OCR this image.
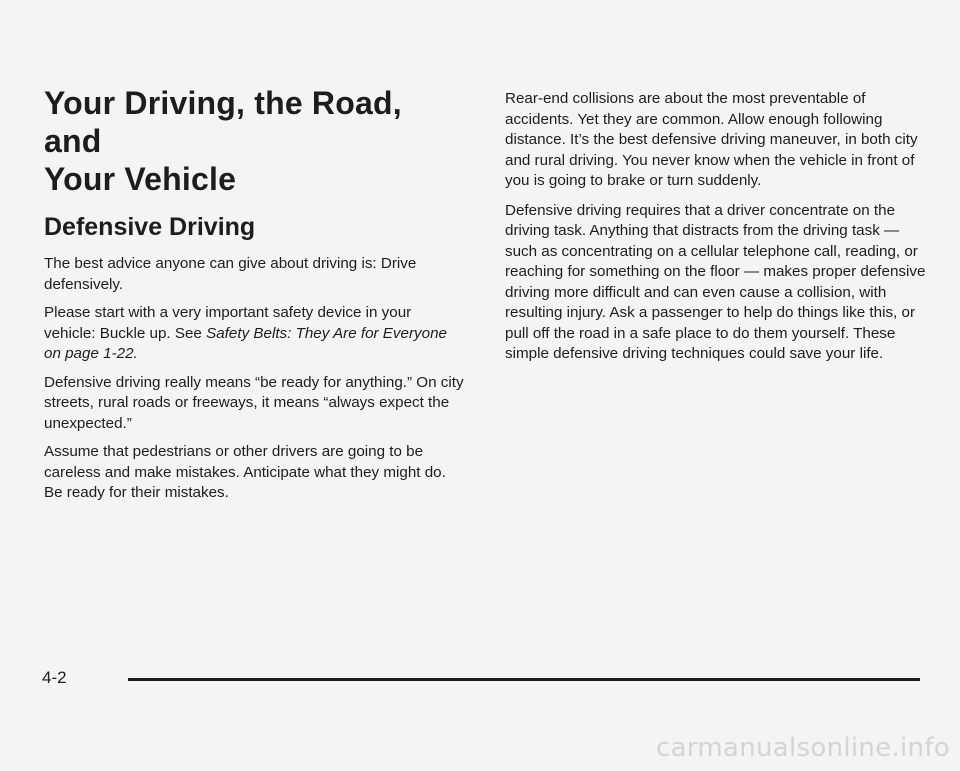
Your Driving, the Road, and
Your Vehicle
Defensive Driving

The best advice anyone can give about driving is: Drive defensively.

Please start with a very important safety device in your vehicle: Buckle up. See Safety Belts: They Are for Everyone on page 1-22.

Defensive driving really means “be ready for anything.” On city streets, rural roads or freeways, it means “always expect the unexpected.”

Assume that pedestrians or other drivers are going to be careless and make mistakes. Anticipate what they might do. Be ready for their mistakes.

Rear-end collisions are about the most preventable of accidents. Yet they are common. Allow enough following distance. It’s the best defensive driving maneuver, in both city and rural driving. You never know when the vehicle in front of you is going to brake or turn suddenly.

Defensive driving requires that a driver concentrate on the driving task. Anything that distracts from the driving task — such as concentrating on a cellular telephone call, reading, or reaching for something on the floor — makes proper defensive driving more difficult and can even cause a collision, with resulting injury. Ask a passenger to help do things like this, or pull off the road in a safe place to do them yourself. These simple defensive driving techniques could save your life.

4-2
carmanualsonline.info
